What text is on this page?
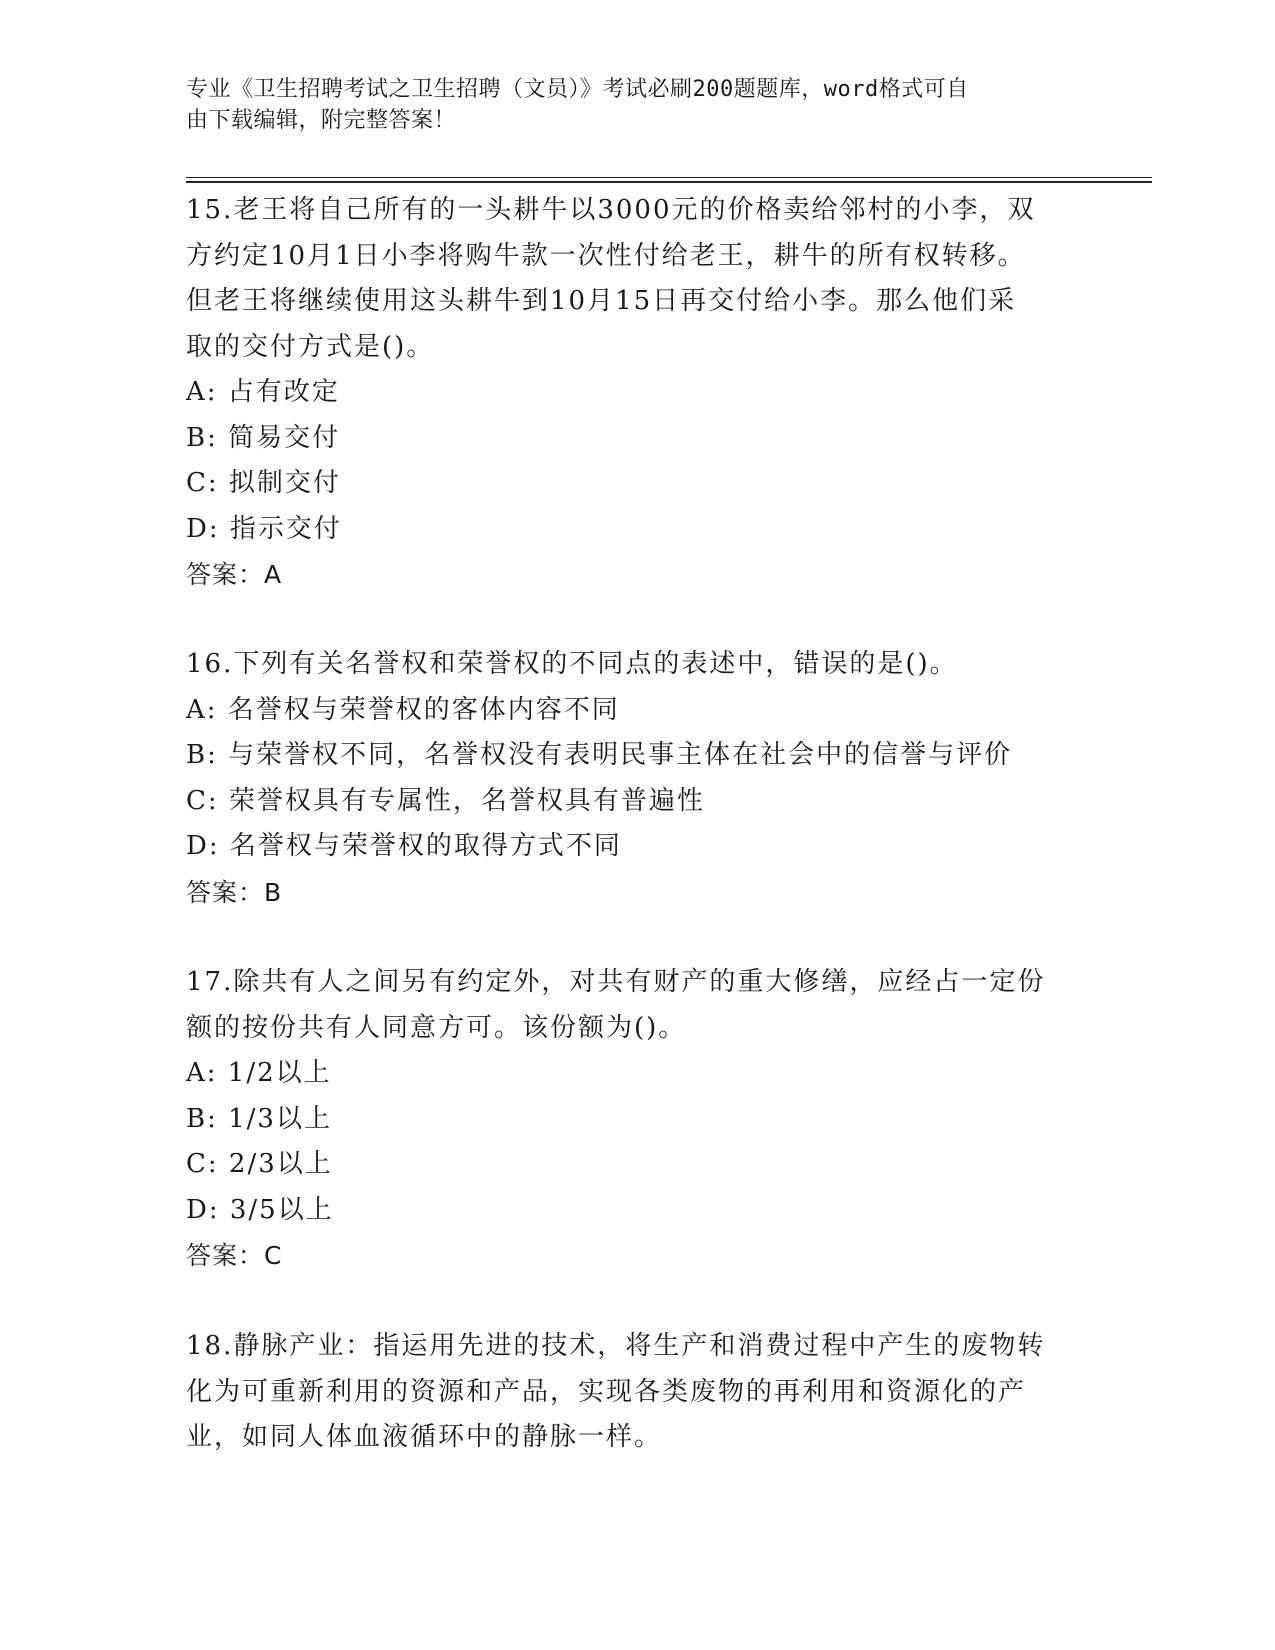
专业《卫生招聘考试之卫生招聘（文员）》考试必刷200题题库，word格式可自
由下载编辑，附完整答案！
15.老王将自己所有的一头耕牛以3000元的价格卖给邻村的小李，双
方约定10月1日小李将购牛款一次性付给老王，耕牛的所有权转移。
但老王将继续使用这头耕牛到10月15日再交付给小李。那么他们采
取的交付方式是()。
A: 占有改定
B: 简易交付
C: 拟制交付
D: 指示交付
答案：A
16.下列有关名誉权和荣誉权的不同点的表述中，错误的是()。
A: 名誉权与荣誉权的客体内容不同
B: 与荣誉权不同，名誉权没有表明民事主体在社会中的信誉与评价
C: 荣誉权具有专属性，名誉权具有普遍性
D: 名誉权与荣誉权的取得方式不同
答案：B
17.除共有人之间另有约定外，对共有财产的重大修缮，应经占一定份
额的按份共有人同意方可。该份额为()。
A: 1/2以上
B: 1/3以上
C: 2/3以上
D: 3/5以上
答案：C
18.静脉产业：指运用先进的技术，将生产和消费过程中产生的废物转
化为可重新利用的资源和产品，实现各类废物的再利用和资源化的产
业，如同人体血液循环中的静脉一样。
